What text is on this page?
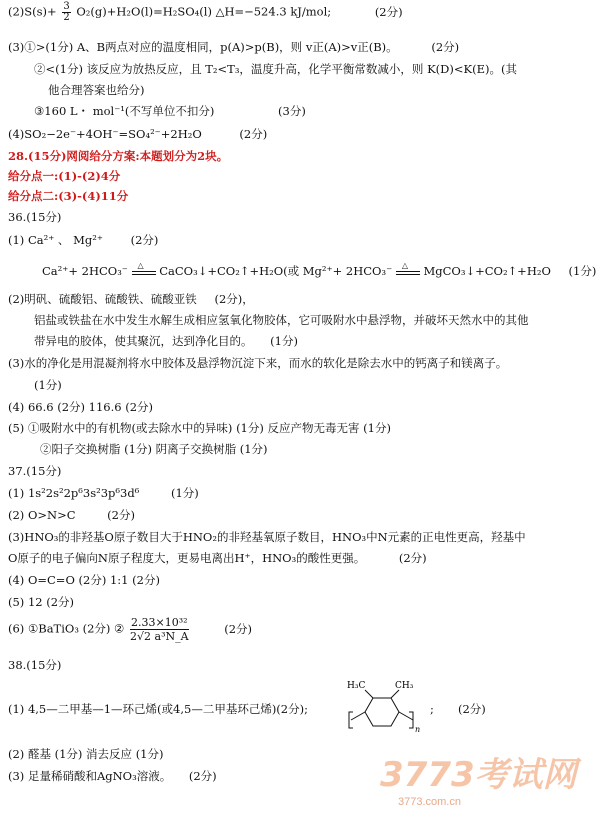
$(2)S(s)+ \frac{3}{2} O_2(g)+H_2O(l)=H_2SO_4(l)$ △H=−524.3 kJ/mol;	(2分)
(3)①>(1分) A、B两点对应的温度相同，p(A)>p(B)，则 v正(A)>v正(B)。	(2分)
②<(1分) 该反应为放热反应，且 T₂<T₃，温度升高，化学平衡常数减小，则 K(D)<K(E)。(其
他合理答案也给分)
③160 L・ mol⁻¹(不写单位不扣分)	(3分)
(4)SO₂−2e⁻+4OH⁻=SO₄²⁻+2H₂O	(2分)
28.(15分)网阅给分方案:本题划分为2块。
给分点一:(1)-(2)4分
给分点二:(3)-(4)11分
36.(15分)
(1) Ca²⁺ 、 Mg²⁺ (2分)
Ca²⁺+ 2HCO₃⁻ △ CaCO₃↓+CO₂↑+H₂O(或 Mg²⁺+ 2HCO₃⁻ △ MgCO₃↓+CO₂↑+H₂O (1分)
(2)明矾、硫酸铝、硫酸铁、硫酸亚铁 (2分)，
铝盐或铁盐在水中发生水解生成相应氢氧化物胶体，它可吸附水中悬浮物，并破坏天然水中的其他
带异电的胶体，使其聚沉，达到净化目的。 (1分)
(3)水的净化是用混凝剂将水中胶体及悬浮物沉淀下来，而水的软化是除去水中的钙离子和镁离子。
(1分)
(4) 66.6 (2分) 116.6 (2分)
(5) ①吸附水中的有机物(或去除水中的异味) (1分) 反应产物无毒无害 (1分)
②阳子交换树脂 (1分) 阴离子交换树脂 (1分)
37.(15分)
(1) 1s²2s²2p⁶3s²3p⁶3d⁶	(1分)
(2) O>N>C	(2分)
(3)HNO₃的非羟基O原子数目大于HNO₂的非羟基氧原子数目，HNO₃中N元素的正电性更高，羟基中
O原子的电子偏向N原子程度大，更易电离出H⁺，HNO₃的酸性更强。	(2分)
(4) O=C=O (2分) 1:1 (2分)
(5) 12 (2分)
(6) ①BaTiO₃ (2分) ② $\frac{\text{2.33×10³²}}{\text{2√2 a³N\_A}}$	(2分)
38.(15分)
(1) 4,5—二甲基—1—环己烯(或4,5—二甲基环己烯)(2分);
H₃C	CH₃
n
; (2分)
(2) 醛基 (1分) 消去反应 (1分)
(3) 足量稀硝酸和AgNO₃溶液。 (2分)	3773考试网
3773.com.cn
